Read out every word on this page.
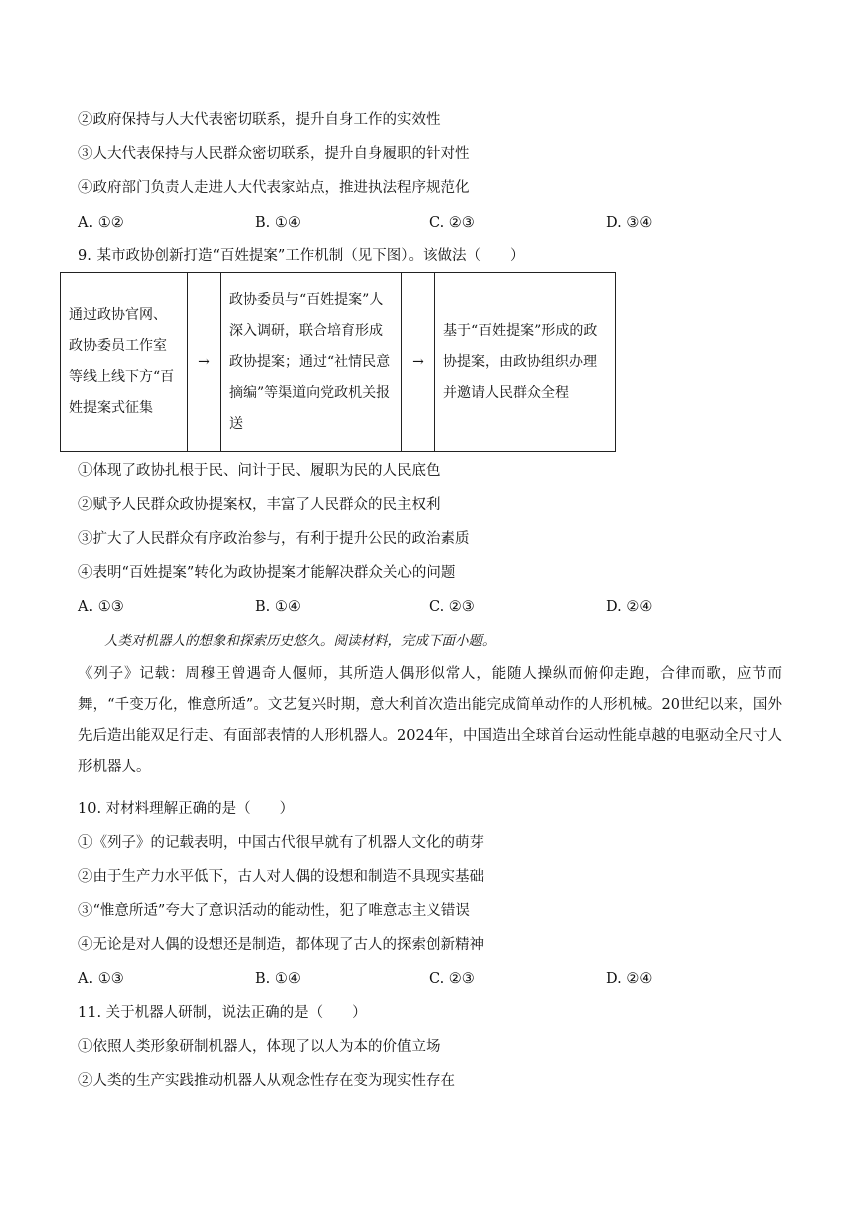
②政府保持与人大代表密切联系，提升自身工作的实效性
③人大代表保持与人民群众密切联系，提升自身履职的针对性
④政府部门负责人走进人大代表家站点，推进执法程序规范化
A. ①②	B. ①④	C. ②③	D. ③④
9. 某市政协创新打造“百姓提案”工作机制（见下图）。该做法（　　）
通过政协官网、政协委员工作室等线上线下方“百姓提案式征集	→	政协委员与“百姓提案”人深入调研，联合培育形成政协提案；通过“社情民意摘编”等渠道向党政机关报送	→	基于“百姓提案”形成的政协提案，由政协组织办理并邀请人民群众全程
①体现了政协扎根于民、问计于民、履职为民的人民底色
②赋予人民群众政协提案权，丰富了人民群众的民主权利
③扩大了人民群众有序政治参与，有利于提升公民的政治素质
④表明“百姓提案”转化为政协提案才能解决群众关心的问题
A. ①③	B. ①④	C. ②③	D. ②④
人类对机器人的想象和探索历史悠久。阅读材料，完成下面小题。
《列子》记载：周穆王曾遇奇人偃师，其所造人偶形似常人，能随人操纵而俯仰走跑，合律而歌，应节而舞，“千变万化，惟意所适”。文艺复兴时期，意大利首次造出能完成简单动作的人形机械。20世纪以来，国外先后造出能双足行走、有面部表情的人形机器人。2024年，中国造出全球首台运动性能卓越的电驱动全尺寸人形机器人。
10. 对材料理解正确的是（　　）
①《列子》的记载表明，中国古代很早就有了机器人文化的萌芽
②由于生产力水平低下，古人对人偶的设想和制造不具现实基础
③“惟意所适”夸大了意识活动的能动性，犯了唯意志主义错误
④无论是对人偶的设想还是制造，都体现了古人的探索创新精神
A. ①③	B. ①④	C. ②③	D. ②④
11. 关于机器人研制，说法正确的是（　　）
①依照人类形象研制机器人，体现了以人为本的价值立场
②人类的生产实践推动机器人从观念性存在变为现实性存在
